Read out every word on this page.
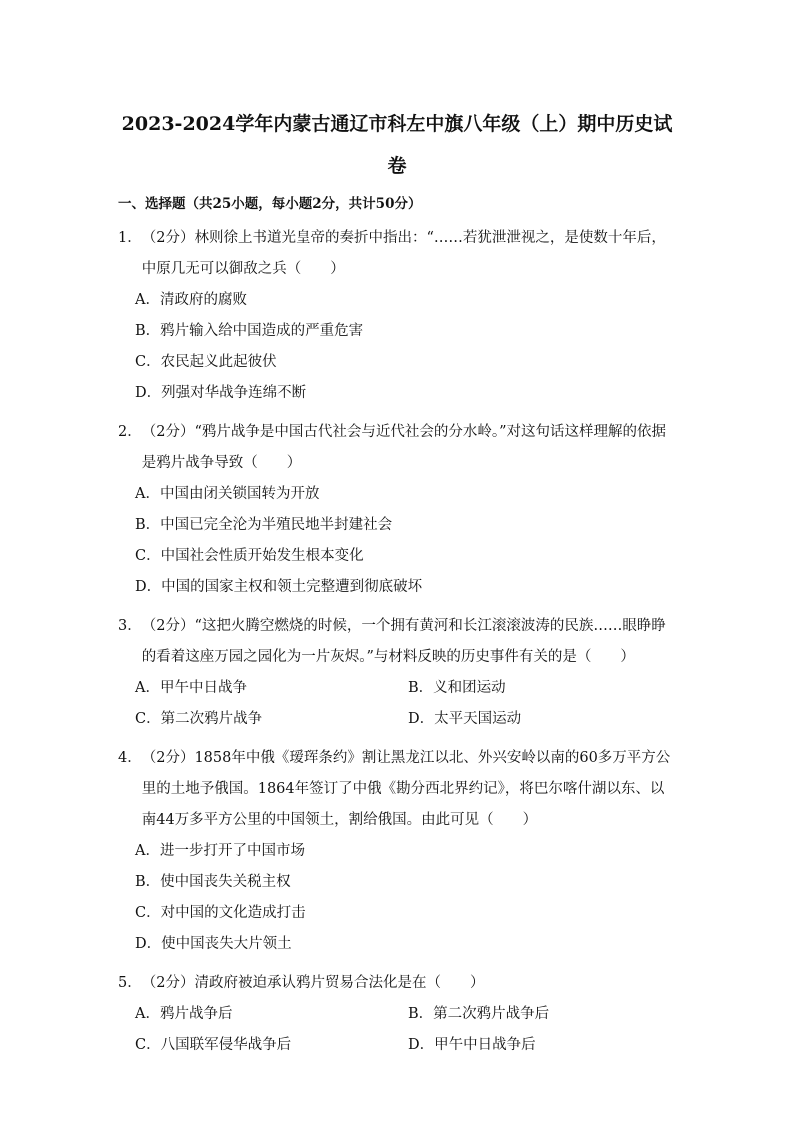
2023-2024学年内蒙古通辽市科左中旗八年级（上）期中历史试卷
一、选择题（共25小题，每小题2分，共计50分）
1． （2分）林则徐上书道光皇帝的奏折中指出：“……若犹泄泄视之，是使数十年后，中原几无可以御敌之兵（　　）
A．清政府的腐败
B．鸦片输入给中国造成的严重危害
C．农民起义此起彼伏
D．列强对华战争连绵不断
2． （2分）“鸦片战争是中国古代社会与近代社会的分水岭。”对这句话这样理解的依据是鸦片战争导致（　　）
A．中国由闭关锁国转为开放
B．中国已完全沦为半殖民地半封建社会
C．中国社会性质开始发生根本变化
D．中国的国家主权和领土完整遭到彻底破坏
3． （2分）“这把火腾空燃烧的时候，一个拥有黄河和长江滚滚波涛的民族……眼睁睁的看着这座万园之园化为一片灰烬。”与材料反映的历史事件有关的是（　　）
A．甲午中日战争	B．义和团运动
C．第二次鸦片战争	D．太平天国运动
4． （2分）1858年中俄《瑷珲条约》割让黑龙江以北、外兴安岭以南的60多万平方公里的土地予俄国。1864年签订了中俄《勘分西北界约记》，将巴尔喀什湖以东、以南44万多平方公里的中国领土，割给俄国。由此可见（　　）
A．进一步打开了中国市场
B．使中国丧失关税主权
C．对中国的文化造成打击
D．使中国丧失大片领土
5． （2分）清政府被迫承认鸦片贸易合法化是在（　　）
A．鸦片战争后	B．第二次鸦片战争后
C．八国联军侵华战争后	D．甲午中日战争后
